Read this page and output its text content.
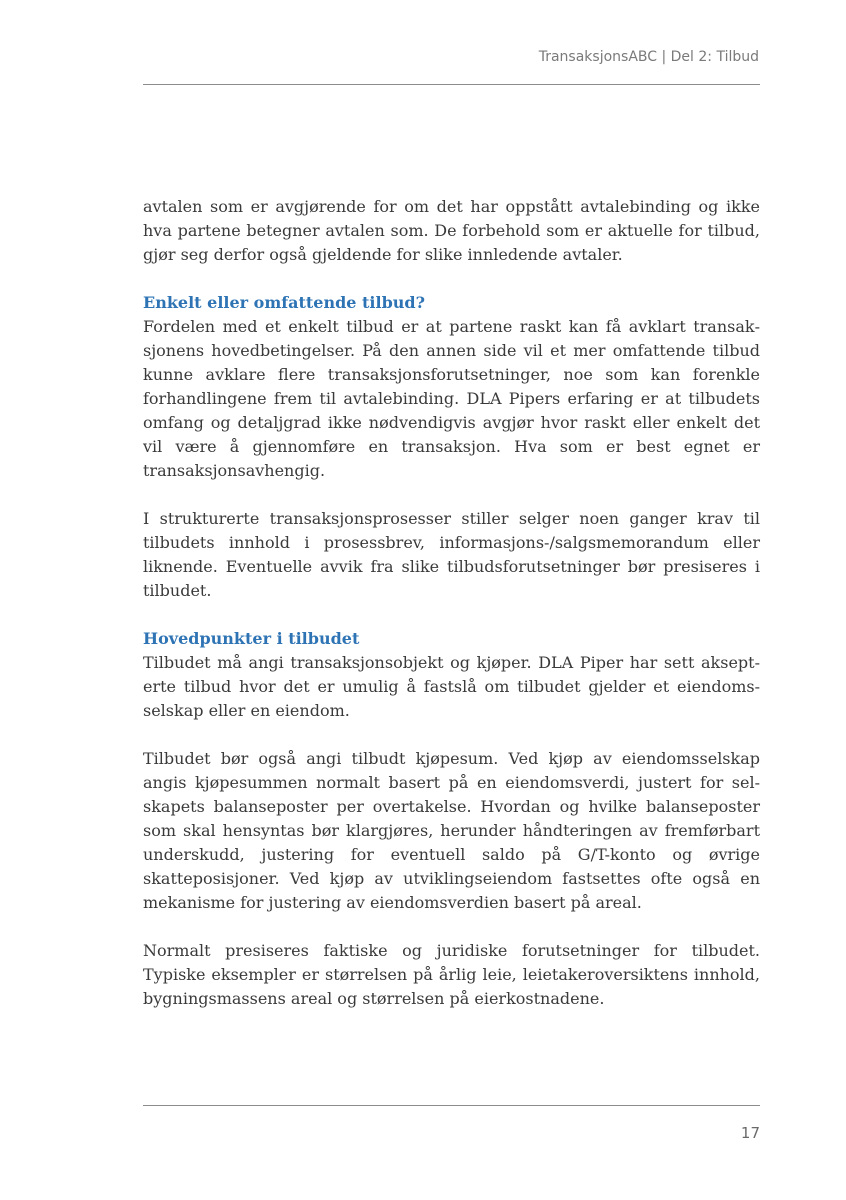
TransaksjonsABC | Del 2: Tilbud

avtalen som er avgjørende for om det har oppstått avtalebinding og ikke hva partene betegner avtalen som. De forbehold som er aktuelle for tilbud, gjør seg derfor også gjeldende for slike innledende avtaler.

Enkelt eller omfattende tilbud?

Fordelen med et enkelt tilbud er at partene raskt kan få avklart transaksjonens hovedbetingelser. På den annen side vil et mer omfattende tilbud kunne avklare flere transaksjonsforutsetninger, noe som kan forenkle forhandlingene frem til avtalebinding. DLA Pipers erfaring er at tilbudets omfang og detaljgrad ikke nødvendigvis avgjør hvor raskt eller enkelt det vil være å gjennomføre en transaksjon. Hva som er best egnet er transaksjonsavhengig.

I strukturerte transaksjonsprosesser stiller selger noen ganger krav til tilbudets innhold i prosessbrev, informasjons-/salgsmemorandum eller liknende. Eventuelle avvik fra slike tilbudsforutsetninger bør presiseres i tilbudet.

Hovedpunkter i tilbudet

Tilbudet må angi transaksjonsobjekt og kjøper. DLA Piper har sett aksepterte tilbud hvor det er umulig å fastslå om tilbudet gjelder et eiendomsselskap eller en eiendom.

Tilbudet bør også angi tilbudt kjøpesum. Ved kjøp av eiendomsselskap angis kjøpesummen normalt basert på en eiendomsverdi, justert for selskapets balanseposter per overtakelse. Hvordan og hvilke balanseposter som skal hensyntas bør klargjøres, herunder håndteringen av fremførbart underskudd, justering for eventuell saldo på G/T-konto og øvrige skatteposisjoner. Ved kjøp av utviklingseiendom fastsettes ofte også en mekanisme for justering av eiendomsverdien basert på areal.

Normalt presiseres faktiske og juridiske forutsetninger for tilbudet. Typiske eksempler er størrelsen på årlig leie, leietakeroversiktens innhold, bygningsmassens areal og størrelsen på eierkostnadene.

17
